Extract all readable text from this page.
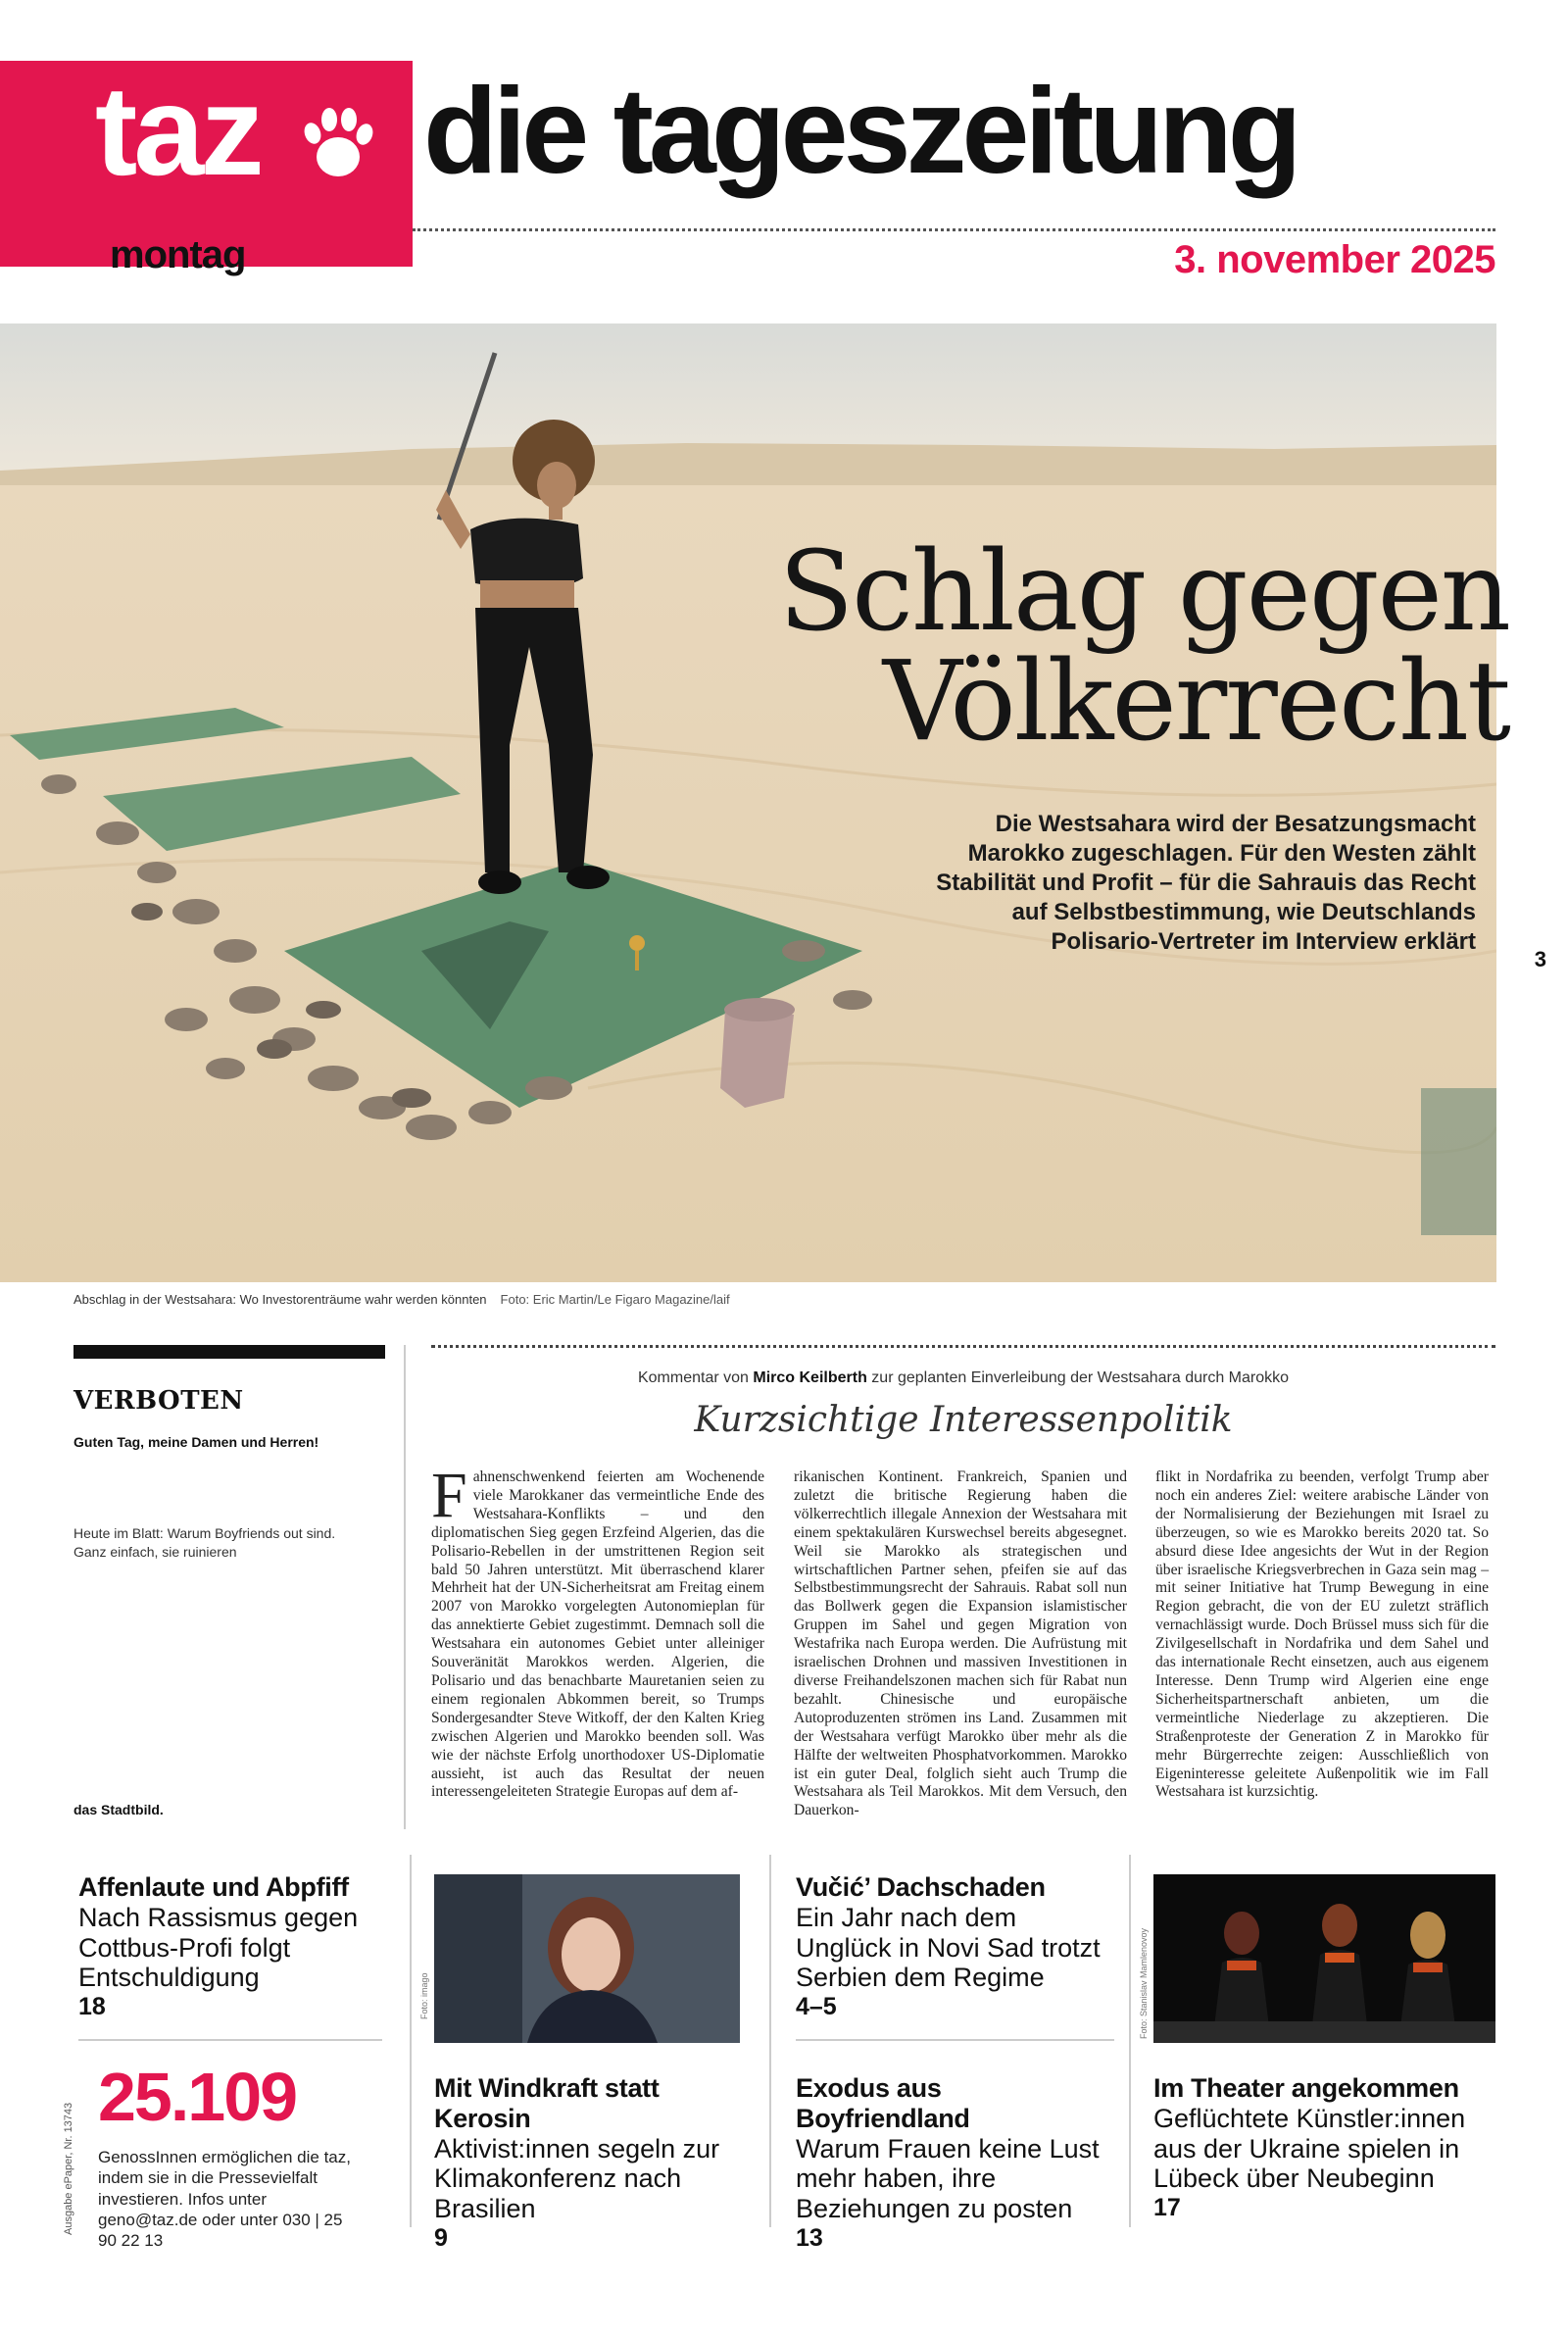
taz
montag
die tageszeitung
3. november 2025
Schlag gegen Völkerrecht
Die Westsahara wird der Besatzungsmacht Marokko zugeschlagen. Für den Westen zählt Stabilität und Profit – für die Sahrauis das Recht auf Selbstbestimmung, wie Deutschlands Polisario-Vertreter im Interview erklärt
3
Abschlag in der Westsahara: Wo Investorenträume wahr werden könnten Foto: Eric Martin/Le Figaro Magazine/laif
VERBOTEN
Guten Tag, meine Damen und Herren!
Heute im Blatt: Warum Boyfriends out sind. Ganz einfach, sie ruinieren
das Stadtbild.
Kommentar von Mirco Keilberth zur geplanten Einverleibung der Westsahara durch Marokko
Kurzsichtige Interessenpolitik
Fahnenschwenkend feierten am Wochenende viele Marokkaner das vermeintliche Ende des Westsahara-Konflikts – und den diplomatischen Sieg gegen Erzfeind Algerien, das die Polisario-Rebellen in der umstrittenen Region seit bald 50 Jahren unterstützt. Mit überraschend klarer Mehrheit hat der UN-Sicherheitsrat am Freitag einem 2007 von Marokko vorgelegten Autonomieplan für das annektierte Gebiet zugestimmt. Demnach soll die Westsahara ein autonomes Gebiet unter alleiniger Souveränität Marokkos werden. Algerien, die Polisario und das benachbarte Mauretanien seien zu einem regionalen Abkommen bereit, so Trumps Sondergesandter Steve Witkoff, der den Kalten Krieg zwischen Algerien und Marokko beenden soll. Was wie der nächste Erfolg unorthodoxer US-Diplomatie aussieht, ist auch das Resultat der neuen interessengeleiteten Strategie Europas auf dem af-
rikanischen Kontinent. Frankreich, Spanien und zuletzt die britische Regierung haben die völkerrechtlich illegale Annexion der Westsahara mit einem spektakulären Kurswechsel bereits abgesegnet. Weil sie Marokko als strategischen und wirtschaftlichen Partner sehen, pfeifen sie auf das Selbstbestimmungsrecht der Sahrauis. Rabat soll nun das Bollwerk gegen die Expansion islamistischer Gruppen im Sahel und gegen Migration von Westafrika nach Europa werden. Die Aufrüstung mit israelischen Drohnen und massiven Investitionen in diverse Freihandelszonen machen sich für Rabat nun bezahlt. Chinesische und europäische Autoproduzenten strömen ins Land. Zusammen mit der Westsahara verfügt Marokko über mehr als die Hälfte der weltweiten Phosphatvorkommen. Marokko ist ein guter Deal, folglich sieht auch Trump die Westsahara als Teil Marokkos. Mit dem Versuch, den Dauerkon-
flikt in Nordafrika zu beenden, verfolgt Trump aber noch ein anderes Ziel: weitere arabische Länder von der Normalisierung der Beziehungen mit Israel zu überzeugen, so wie es Marokko bereits 2020 tat. So absurd diese Idee angesichts der Wut in der Region über israelische Kriegsverbrechen in Gaza sein mag – mit seiner Initiative hat Trump Bewegung in eine Region gebracht, die von der EU zuletzt sträflich vernachlässigt wurde. Doch Brüssel muss sich für die Zivilgesellschaft in Nordafrika und dem Sahel und das internationale Recht einsetzen, auch aus eigenem Interesse. Denn Trump wird Algerien eine enge Sicherheitspartnerschaft anbieten, um die vermeintliche Niederlage zu akzeptieren. Die Straßenproteste der Generation Z in Marokko für mehr Bürgerrechte zeigen: Ausschließlich von Eigeninteresse geleitete Außenpolitik wie im Fall Westsahara ist kurzsichtig.
Affenlaute und Abpfiff
Nach Rassismus gegen Cottbus-Profi folgt Entschuldigung
18
25.109
GenossInnen ermöglichen die taz, indem sie in die Pressevielfalt investieren. Infos unter geno@taz.de oder unter 030 | 25 90 22 13
Ausgabe ePaper, Nr. 13743
Vučić’ Dachschaden
Ein Jahr nach dem Unglück in Novi Sad trotzt Serbien dem Regime
4–5
Foto: imago	Foto: Stanislav Mamlenovoy
Mit Windkraft statt Kerosin
Aktivist:innen segeln zur Klimakonferenz nach Brasilien
9
Exodus aus Boyfriendland
Warum Frauen keine Lust mehr haben, ihre Beziehungen zu posten
13
Im Theater angekommen
Geflüchtete Künstler:innen aus der Ukraine spielen in Lübeck über Neubeginn
17
